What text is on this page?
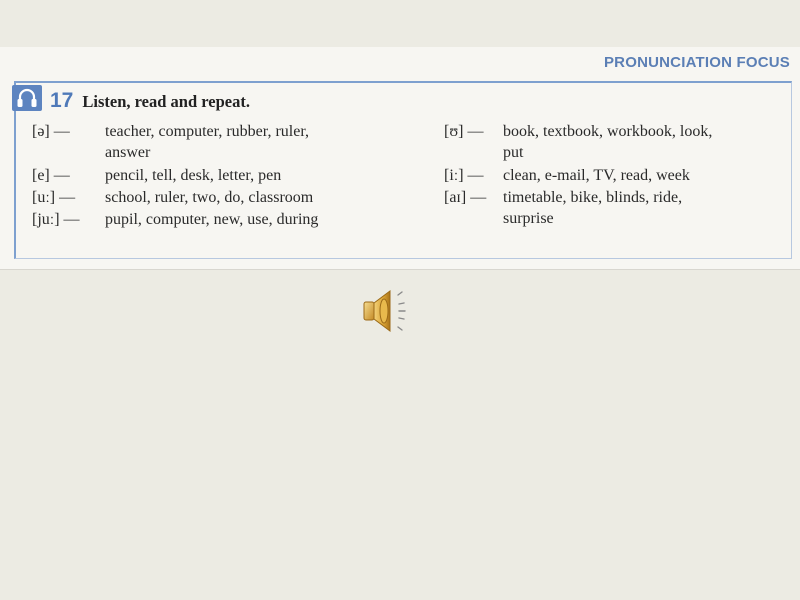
PRONUNCIATION FOCUS
17 Listen, read and repeat.
[ə] — teacher, computer, rubber, ruler,
answer
[e] — pencil, tell, desk, letter, pen
[uː] — school, ruler, two, do, classroom
[juː] — pupil, computer, new, use, during
[ʊ] — book, textbook, workbook, look,
put
[iː] — clean, e-mail, TV, read, week
[aɪ] — timetable, bike, blinds, ride,
surprise
